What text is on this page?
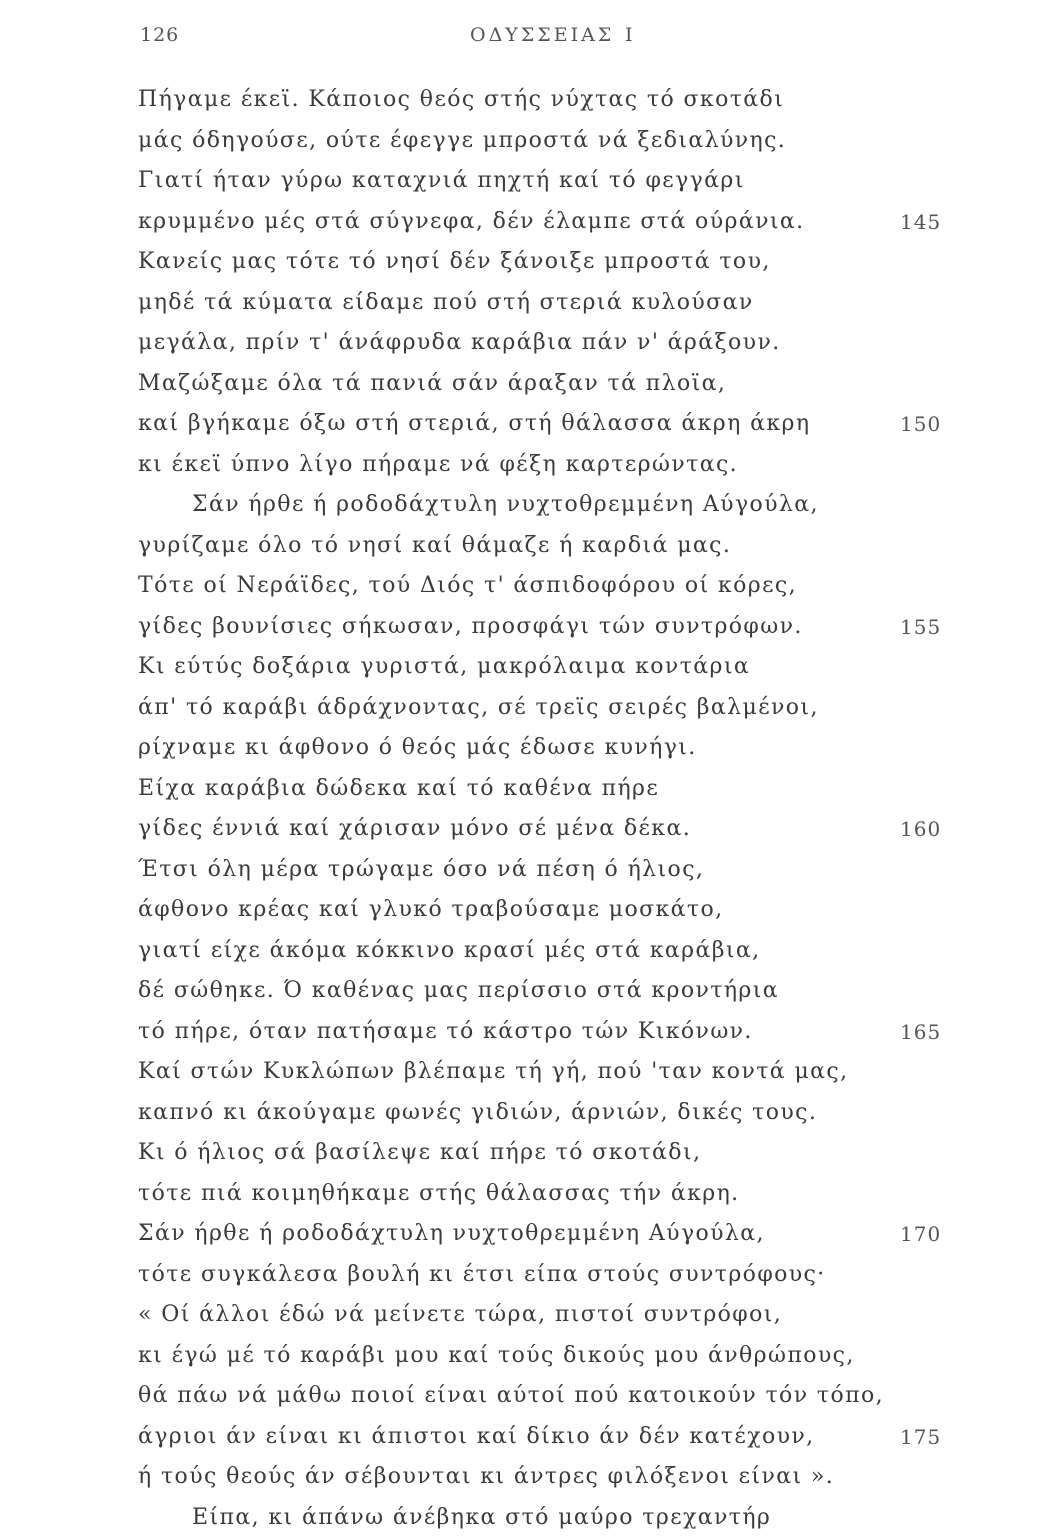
126	ΟΔΥΣΣΕΙΑΣ Ι
Πήγαμε έκεϊ. Κάποιος θεός στής νύχτας τό σκοτάδι
μάς όδηγούσε, ούτε έφεγγε μπροστά νά ξεδιαλύνης.
Γιατί ήταν γύρω καταχνιά πηχτή καί τό φεγγάρι
κρυμμένο μές στά σύγνεφα, δέν έλαμπε στά ούράνια.	145
Κανείς μας τότε τό νησί δέν ξάνοιξε μπροστά του,
μηδέ τά κύματα είδαμε πού στή στεριά κυλούσαν
μεγάλα, πρίν τ' άνάφρυδα καράβια πάν ν' άράξουν.
Μαζώξαμε όλα τά πανιά σάν άραξαν τά πλοϊα,
καί βγήκαμε όξω στή στεριά, στή θάλασσα άκρη άκρη	150
κι έκεϊ ύπνο λίγο πήραμε νά φέξη καρτερώντας.
Σάν ήρθε ή ροδοδάχτυλη νυχτοθρεμμένη Αύγούλα,
γυρίζαμε όλο τό νησί καί θάμαζε ή καρδιά μας.
Τότε οί Νεράϊδες, τού Διός τ' άσπιδοφόρου οί κόρες,
γίδες βουνίσιες σήκωσαν, προσφάγι τών συντρόφων.	155
Κι εύτύς δοξάρια γυριστά, μακρόλαιμα κοντάρια
άπ' τό καράβι άδράχνοντας, σέ τρεϊς σειρές βαλμένοι,
ρίχναμε κι άφθονο ό θεός μάς έδωσε κυνήγι.
Είχα καράβια δώδεκα καί τό καθένα πήρε
γίδες έννιά καί χάρισαν μόνο σέ μένα δέκα.	160
Έτσι όλη μέρα τρώγαμε όσο νά πέση ό ήλιος,
άφθονο κρέας καί γλυκό τραβούσαμε μοσκάτο,
γιατί είχε άκόμα κόκκινο κρασί μές στά καράβια,
δέ σώθηκε. Ό καθένας μας περίσσιο στά κροντήρια
τό πήρε, όταν πατήσαμε τό κάστρο τών Κικόνων.	165
Καί στών Κυκλώπων βλέπαμε τή γή, πού 'ταν κοντά μας,
καπνό κι άκούγαμε φωνές γιδιών, άρνιών, δικές τους.
Κι ό ήλιος σά βασίλεψε καί πήρε τό σκοτάδι,
τότε πιά κοιμηθήκαμε στής θάλασσας τήν άκρη.
Σάν ήρθε ή ροδοδάχτυλη νυχτοθρεμμένη Αύγούλα,	170
τότε συγκάλεσα βουλή κι έτσι είπα στούς συντρόφους·
« Οί άλλοι έδώ νά μείνετε τώρα, πιστοί συντρόφοι,
κι έγώ μέ τό καράβι μου καί τούς δικούς μου άνθρώπους,
θά πάω νά μάθω ποιοί είναι αύτοί πού κατοικούν τόν τόπο,
άγριοι άν είναι κι άπιστοι καί δίκιο άν δέν κατέχουν,	175
ή τούς θεούς άν σέβουνται κι άντρες φιλόξενοι είναι ».
Είπα, κι άπάνω άνέβηκα στό μαύρο τρεχαντήρ
